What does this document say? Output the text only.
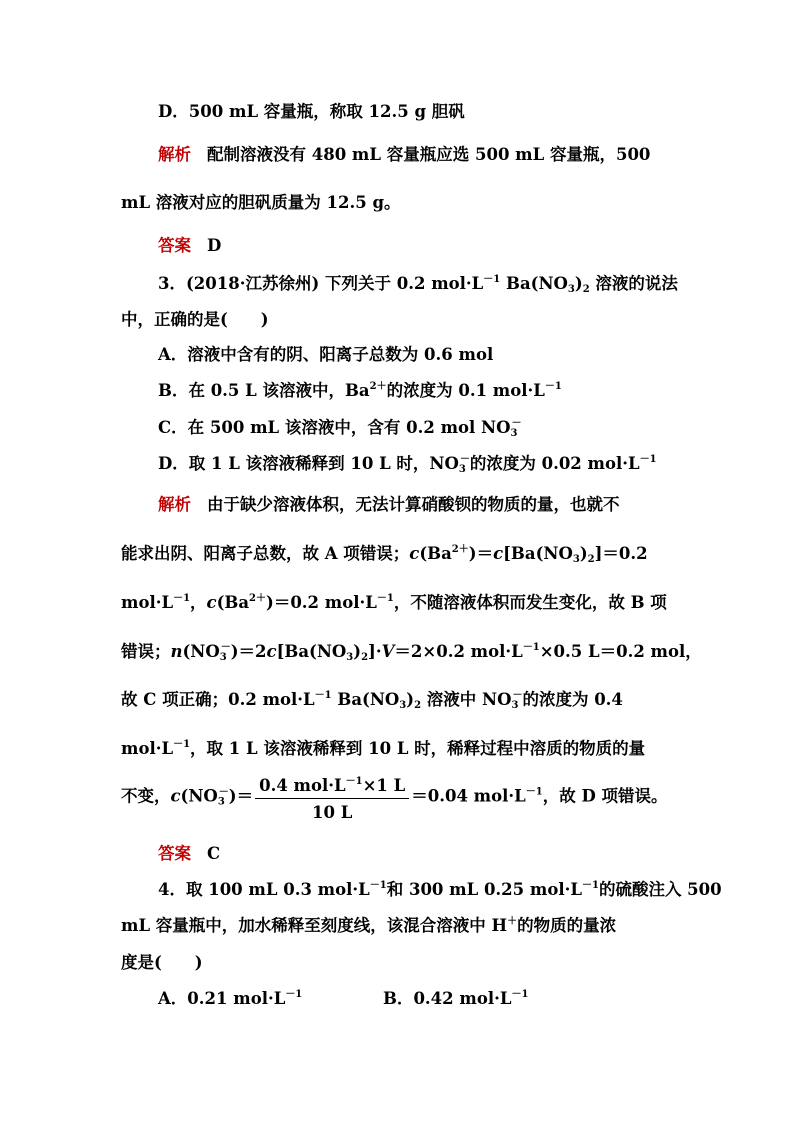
D．500 mL 容量瓶，称取 12.5 g 胆矾
解析 配制溶液没有 480 mL 容量瓶应选 500 mL 容量瓶，500
mL 溶液对应的胆矾质量为 12.5 g。
答案 D
3．(2018·江苏徐州) 下列关于 0.2 $mol\cdot L^{-1}$ $Ba(NO_3)_2$ 溶液的说法
中，正确的是(　　)
A．溶液中含有的阴、阳离子总数为 0.6 mol
B．在 0.5 L 该溶液中，$Ba^{2+}$的浓度为 0.1 $mol\cdot L^{-1}$
C．在 500 mL 该溶液中，含有 0.2 mol $NO_3^-$
D．取 1 L 该溶液稀释到 10 L 时，$NO_3^-$的浓度为 0.02 $mol\cdot L^{-1}$
解析 由于缺少溶液体积，无法计算硝酸钡的物质的量，也就不
能求出阴、阳离子总数，故 A 项错误；$c(Ba^{2+})=c[Ba(NO_3)_2]=0.2$
$mol\cdot L^{-1}$，$c(Ba^{2+})=0.2$ $mol\cdot L^{-1}$，不随溶液体积而发生变化，故 B 项
错误；$n(NO_3^-)=2c[Ba(NO_3)_2]\cdot V=2\times 0.2$ $mol\cdot L^{-1}\times 0.5$ L＝0.2 mol，
故 C 项正确；0.2 $mol\cdot L^{-1}$ $Ba(NO_3)_2$ 溶液中 $NO_3^-$的浓度为 0.4
$mol\cdot L^{-1}$，取 1 L 该溶液稀释到 10 L 时，稀释过程中溶质的物质的量
不变，$c(NO_3^-)= \frac{0.4 mol\cdot L^{-1}\times 1 L}{10 L} =0.04$ $mol\cdot L^{-1}$，故 D 项错误。
答案 C
4．取 100 mL 0.3 $mol\cdot L^{-1}$和 300 mL 0.25 $mol\cdot L^{-1}$的硫酸注入 500
mL 容量瓶中，加水稀释至刻度线，该混合溶液中 H＋的物质的量浓
度是(　　)
A．0.21 $mol\cdot L^{-1}$	B．0.42 $mol\cdot L^{-1}$
